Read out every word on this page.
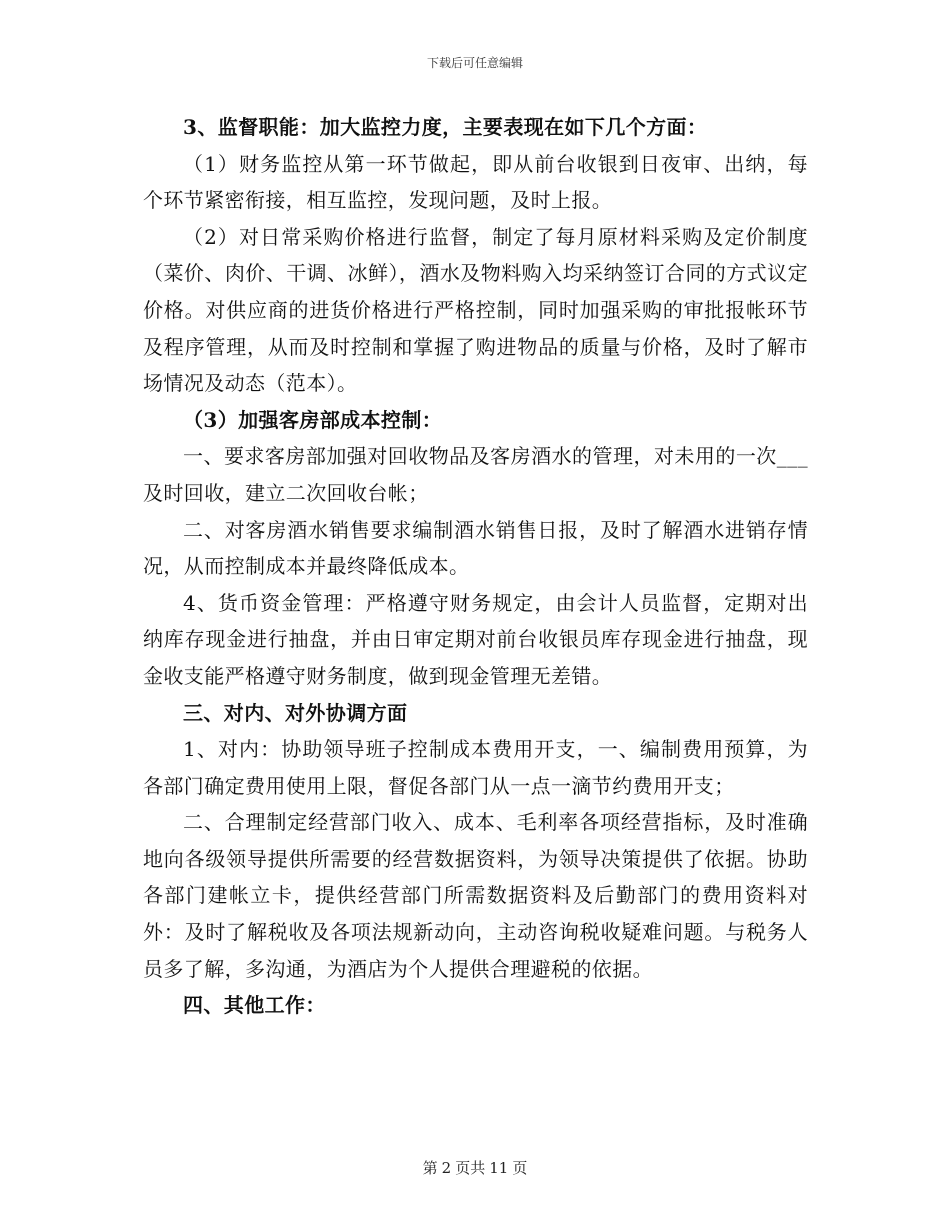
下载后可任意编辑

3、监督职能：加大监控力度，主要表现在如下几个方面：

（1）财务监控从第一环节做起，即从前台收银到日夜审、出纳，每个环节紧密衔接，相互监控，发现问题，及时上报。

（2）对日常采购价格进行监督，制定了每月原材料采购及定价制度（菜价、肉价、干调、冰鲜），酒水及物料购入均采纳签订合同的方式议定价格。对供应商的进货价格进行严格控制，同时加强采购的审批报帐环节及程序管理，从而及时控制和掌握了购进物品的质量与价格，及时了解市场情况及动态（范本）。

（3）加强客房部成本控制：

一、要求客房部加强对回收物品及客房酒水的管理，对未用的一次___及时回收，建立二次回收台帐；

二、对客房酒水销售要求编制酒水销售日报，及时了解酒水进销存情况，从而控制成本并最终降低成本。

4、货币资金管理：严格遵守财务规定，由会计人员监督，定期对出纳库存现金进行抽盘，并由日审定期对前台收银员库存现金进行抽盘，现金收支能严格遵守财务制度，做到现金管理无差错。

三、对内、对外协调方面

1、对内：协助领导班子控制成本费用开支，一、编制费用预算，为各部门确定费用使用上限，督促各部门从一点一滴节约费用开支；

二、合理制定经营部门收入、成本、毛利率各项经营指标，及时准确地向各级领导提供所需要的经营数据资料，为领导决策提供了依据。协助各部门建帐立卡，提供经营部门所需数据资料及后勤部门的费用资料对外：及时了解税收及各项法规新动向，主动咨询税收疑难问题。与税务人员多了解，多沟通，为酒店为个人提供合理避税的依据。

四、其他工作：

第 2 页共 11 页
